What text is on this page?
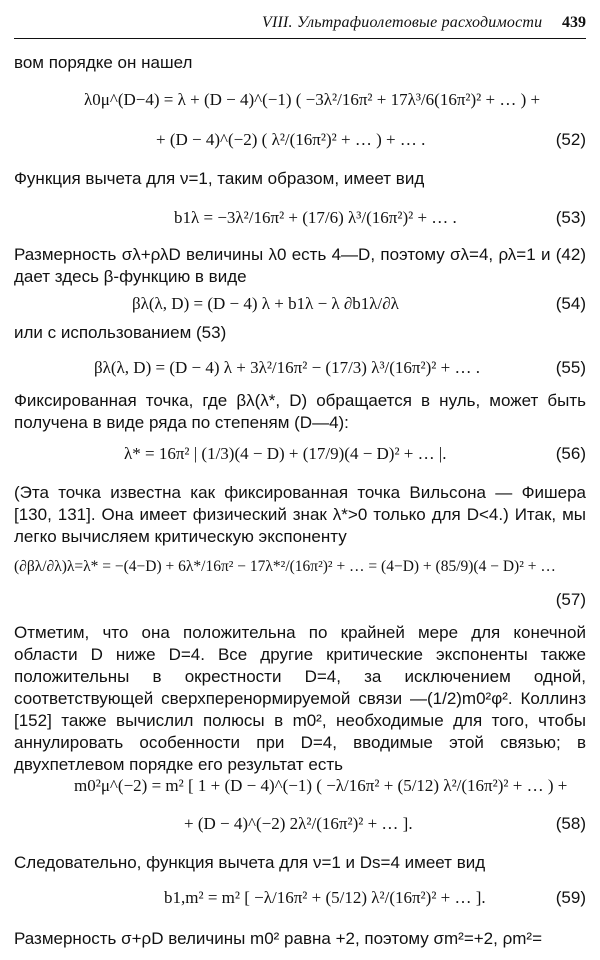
VIII. Ультрафиолетовые расходимости 439

вом порядке он нашел

λ0μ^(D−4) = λ + (D − 4)^(−1) ( −3λ²/16π² + 17λ³/6(16π²)² + … ) +
+ (D − 4)^(−2) ( λ²/(16π²)² + … ) + … .	(52)

Функция вычета для ν=1, таким образом, имеет вид

b1λ = −3λ²/16π² + (17/6) λ³/(16π²)² + … .	(53)

Размерность σλ+ρλD величины λ0 есть 4—D, поэтому σλ=4, ρλ=1 и (42) дает здесь β-функцию в виде

βλ(λ, D) = (D − 4) λ + b1λ − λ ∂b1λ/∂λ	(54)

или с использованием (53)

βλ(λ, D) = (D − 4) λ + 3λ²/16π² − (17/3) λ³/(16π²)² + … .	(55)

Фиксированная точка, где βλ(λ*, D) обращается в нуль, может быть получена в виде ряда по степеням (D—4):

λ* = 16π² | (1/3)(4 − D) + (17/9)(4 − D)² + … |.	(56)

(Эта точка известна как фиксированная точка Вильсона — Фишера [130, 131]. Она имеет физический знак λ*>0 только для D<4.) Итак, мы легко вычисляем критическую экспоненту

(∂βλ/∂λ)λ=λ* = −(4−D) + 6λ*/16π² − 17λ*²/(16π²)² + … = (4−D) + (85/9)(4 − D)² + …
(57)

Отметим, что она положительна по крайней мере для конечной области D ниже D=4. Все другие критические экспоненты также положительны в окрестности D=4, за исключением одной, соответствующей сверхперенормируемой связи —(1/2)m0²φ². Коллинз [152] также вычислил полюсы в m0², необходимые для того, чтобы аннулировать особенности при D=4, вводимые этой связью; в двухпетлевом порядке его результат есть

m0²μ^(−2) = m² [ 1 + (D − 4)^(−1) ( −λ/16π² + (5/12) λ²/(16π²)² + … ) +
+ (D − 4)^(−2) 2λ²/(16π²)² + … ].	(58)

Следовательно, функция вычета для ν=1 и Ds=4 имеет вид

b1,m² = m² [ −λ/16π² + (5/12) λ²/(16π²)² + … ].	(59)

Размерность σ+ρD величины m0² равна +2, поэтому σm²=+2, ρm²=
